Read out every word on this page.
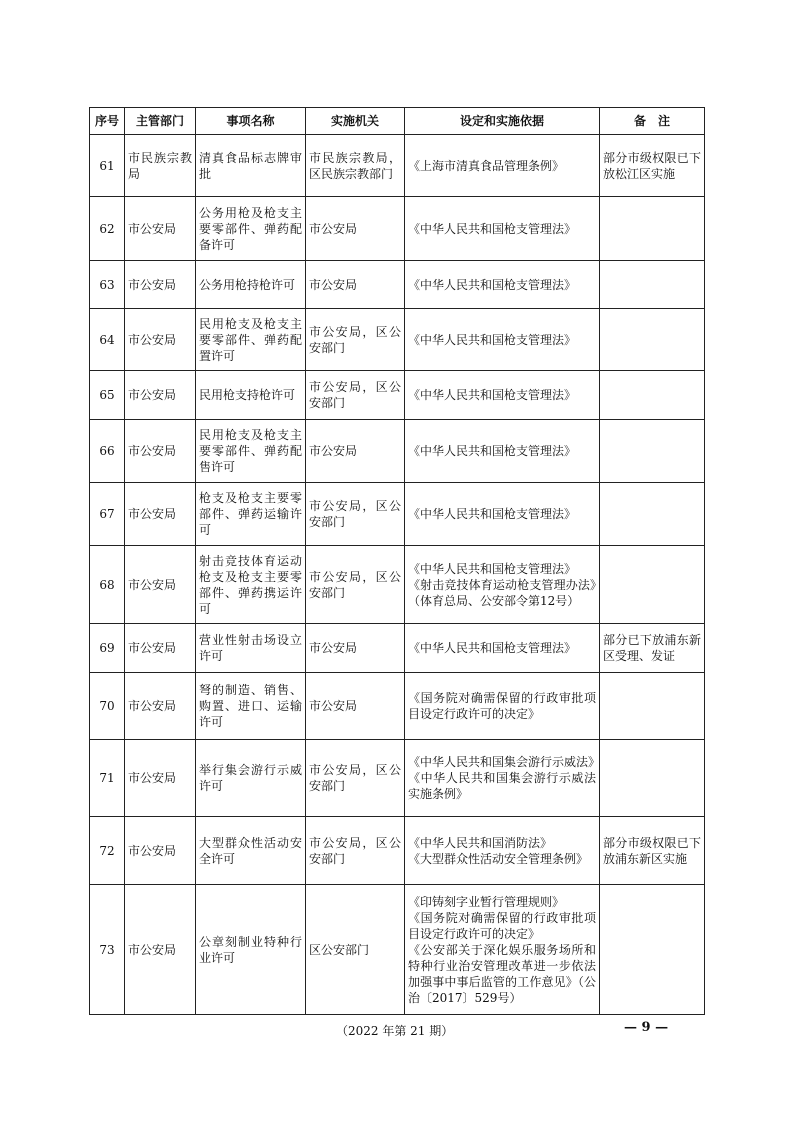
序号	主管部门	事项名称	实施机关	设定和实施依据	备　注
61	市民族宗教局	清真食品标志牌审批	市民族宗教局，区民族宗教部门	《上海市清真食品管理条例》	部分市级权限已下放松江区实施
62	市公安局	公务用枪及枪支主要零部件、弹药配备许可	市公安局	《中华人民共和国枪支管理法》	

63	市公安局	公务用枪持枪许可	市公安局	《中华人民共和国枪支管理法》	

64	市公安局	民用枪支及枪支主要零部件、弹药配置许可	市公安局，区公安部门	《中华人民共和国枪支管理法》	

65	市公安局	民用枪支持枪许可	市公安局，区公安部门	《中华人民共和国枪支管理法》	

66	市公安局	民用枪支及枪支主要零部件、弹药配售许可	市公安局	《中华人民共和国枪支管理法》	

67	市公安局	枪支及枪支主要零部件、弹药运输许可	市公安局，区公安部门	《中华人民共和国枪支管理法》	

68	市公安局	射击竞技体育运动枪支及枪支主要零部件、弹药携运许可	市公安局，区公安部门	《中华人民共和国枪支管理法》
《射击竞技体育运动枪支管理办法》（体育总局、公安部令第12号）	

69	市公安局	营业性射击场设立许可	市公安局	《中华人民共和国枪支管理法》	部分已下放浦东新区受理、发证
70	市公安局	弩的制造、销售、购置、进口、运输许可	市公安局	《国务院对确需保留的行政审批项目设定行政许可的决定》	

71	市公安局	举行集会游行示威许可	市公安局，区公安部门	《中华人民共和国集会游行示威法》
《中华人民共和国集会游行示威法实施条例》	

72	市公安局	大型群众性活动安全许可	市公安局，区公安部门	《中华人民共和国消防法》
《大型群众性活动安全管理条例》	部分市级权限已下放浦东新区实施
73	市公安局	公章刻制业特种行业许可	区公安部门	《印铸刻字业暂行管理规则》
《国务院对确需保留的行政审批项目设定行政许可的决定》
《公安部关于深化娱乐服务场所和特种行业治安管理改革进一步依法加强事中事后监管的工作意见》（公治〔2017〕529号）	

（2022 年第 21 期）	— 9 —
